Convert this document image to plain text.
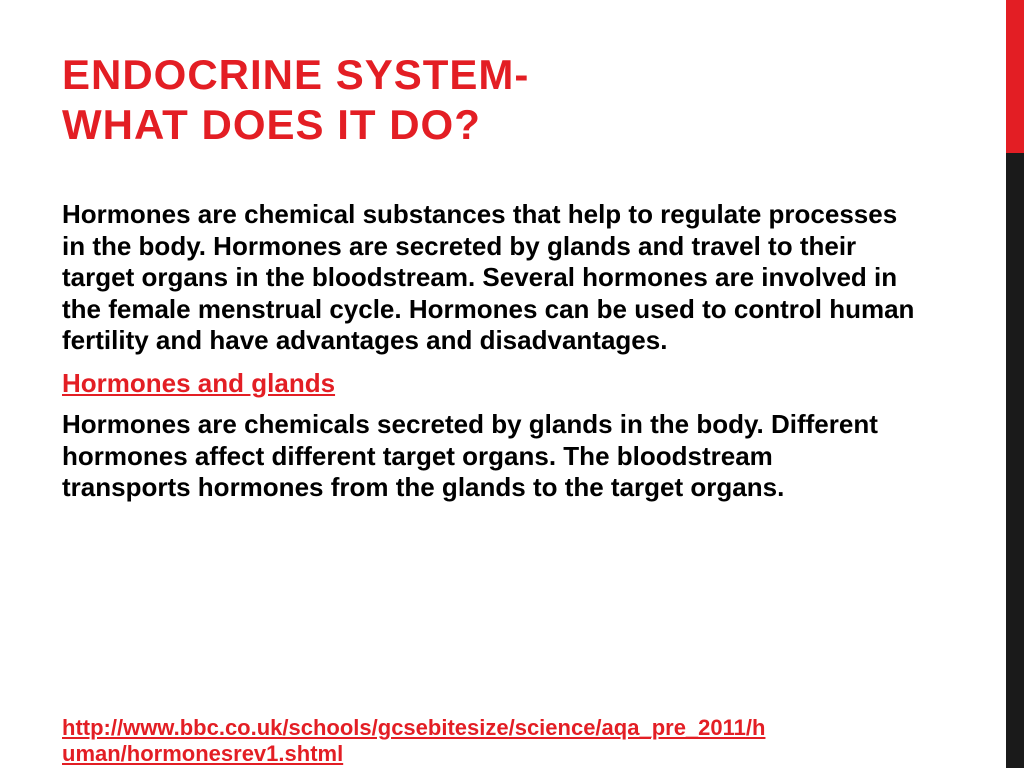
ENDOCRINE SYSTEM-
WHAT DOES IT DO?

Hormones are chemical substances that help to regulate processes in the body. Hormones are secreted by glands and travel to their target organs in the bloodstream. Several hormones are involved in the female menstrual cycle. Hormones can be used to control human fertility and have advantages and disadvantages.

Hormones and glands

Hormones are chemicals secreted by glands in the body. Different hormones affect different target organs. The bloodstream transports hormones from the glands to the target organs.

http://www.bbc.co.uk/schools/gcsebitesize/science/aqa_pre_2011/h
uman/hormonesrev1.shtml
